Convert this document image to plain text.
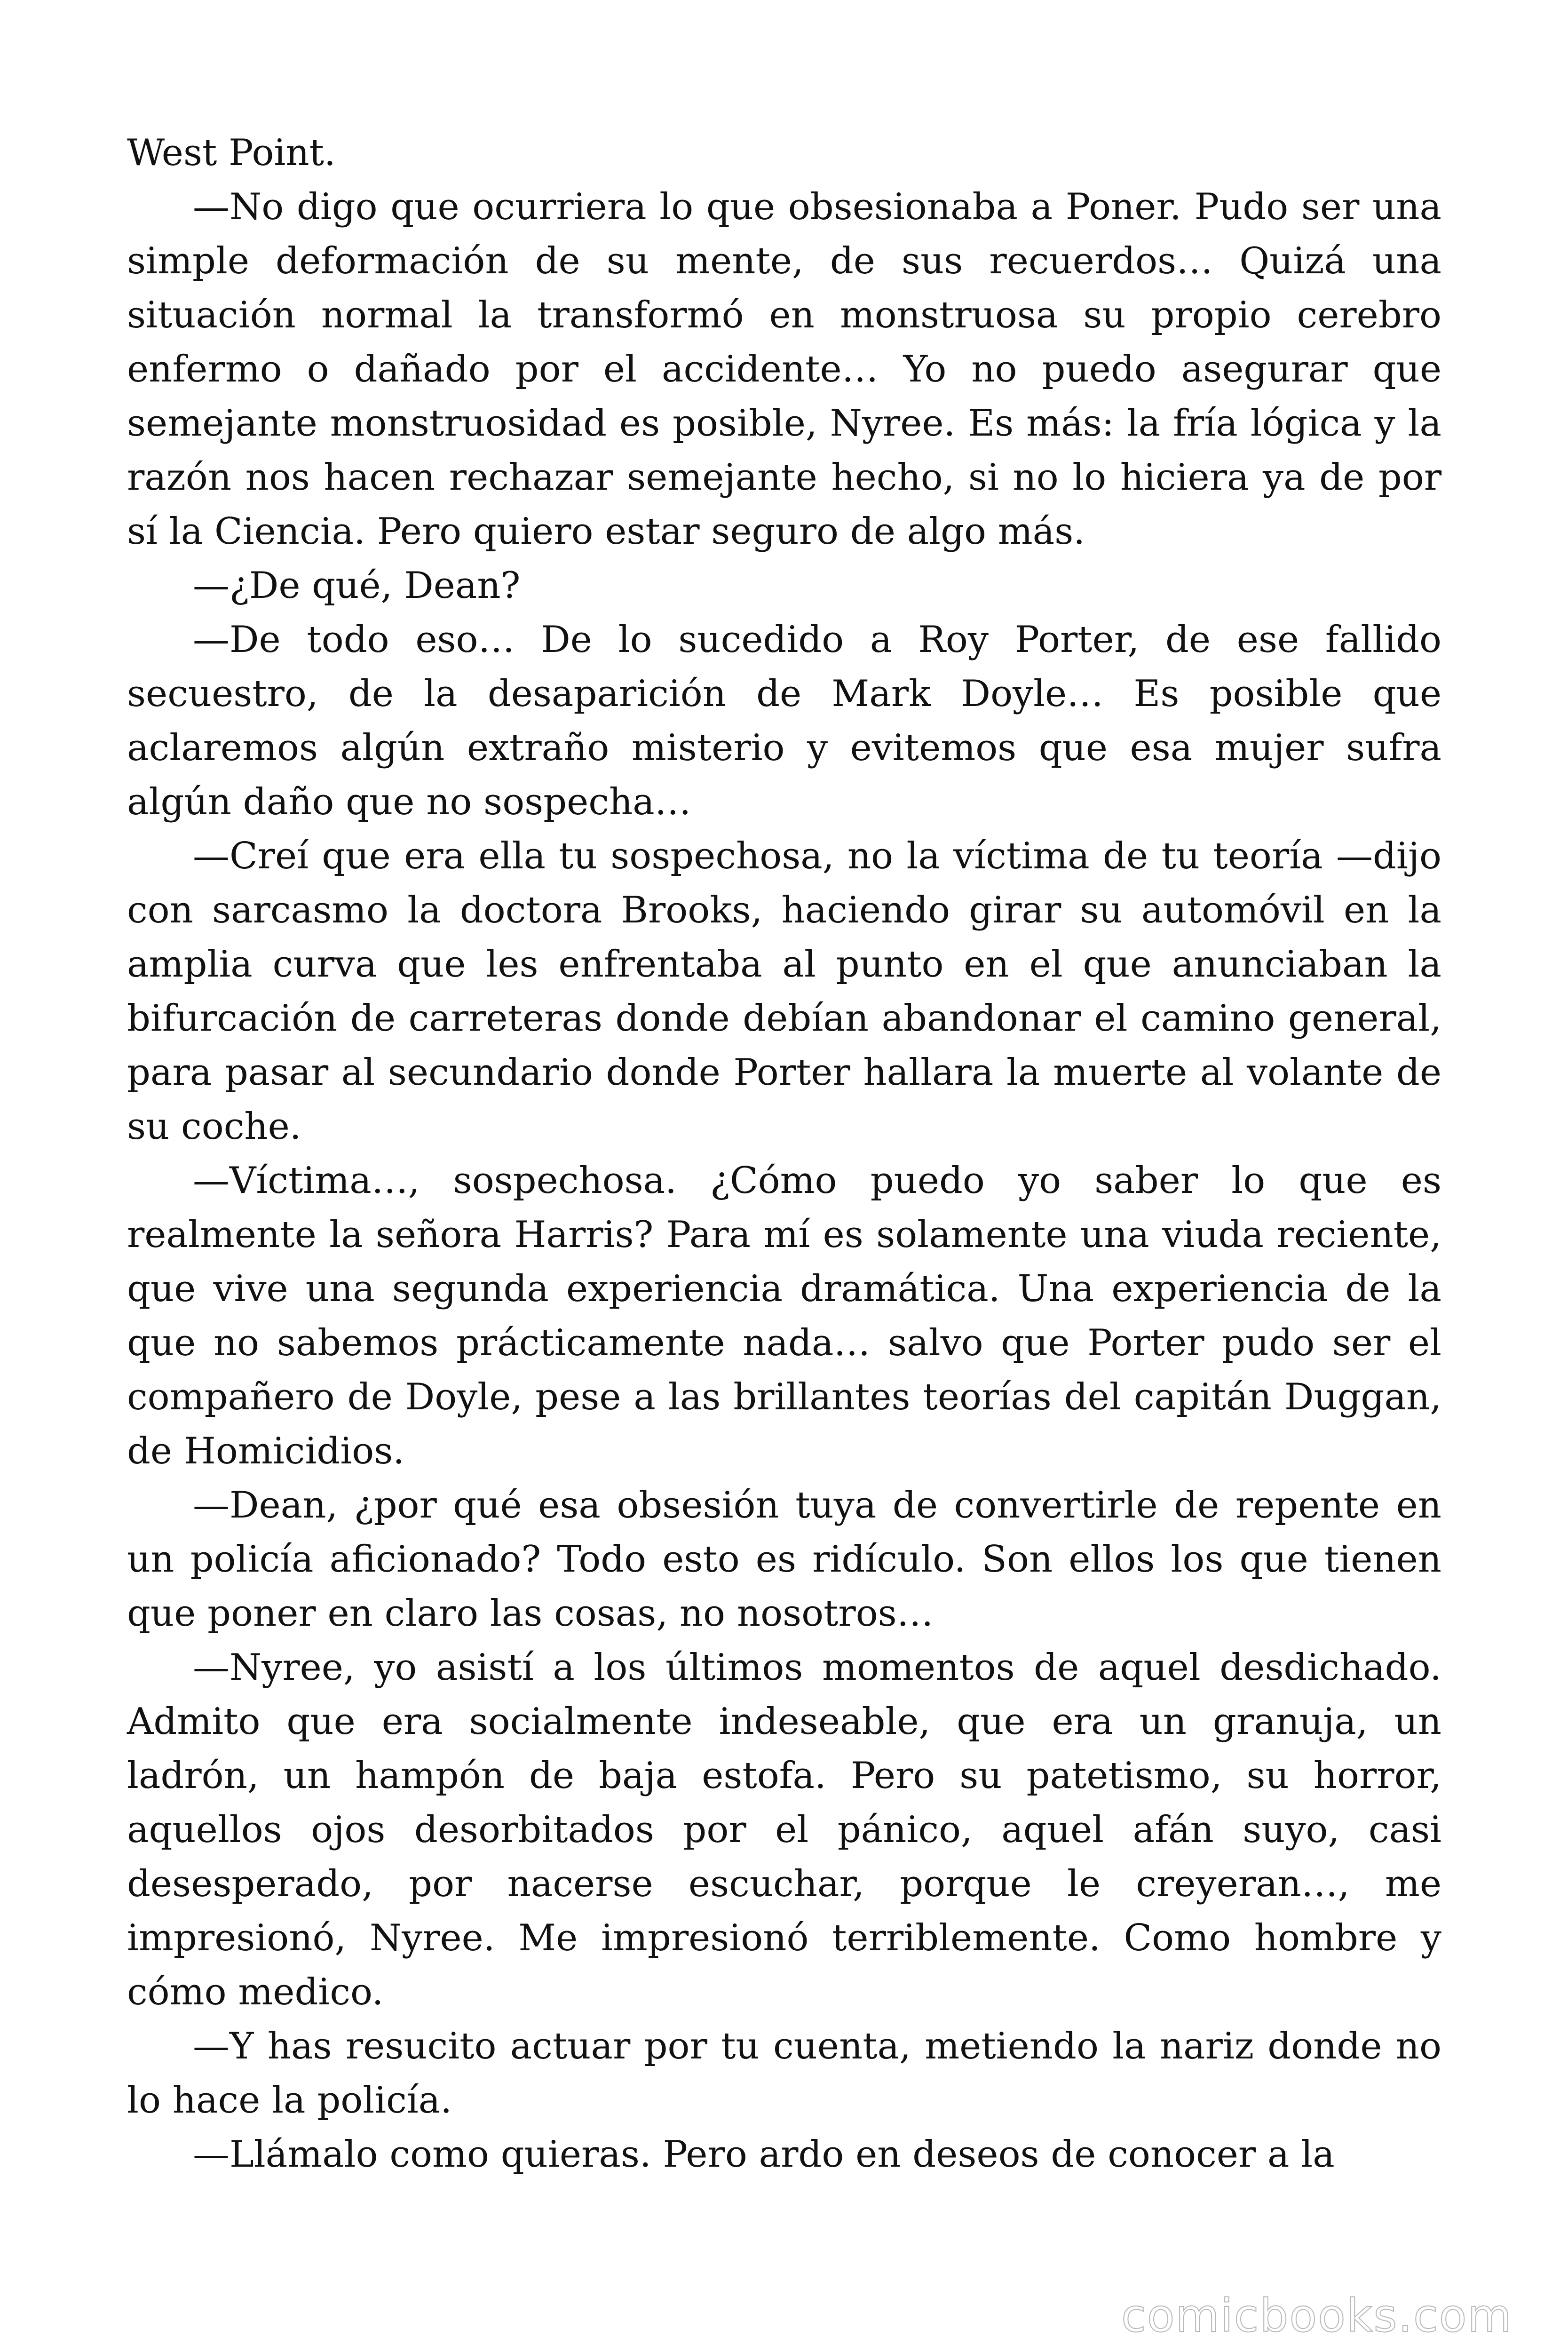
West Point.

—No digo que ocurriera lo que obsesionaba a Poner. Pudo ser una simple deformación de su mente, de sus recuerdos… Quizá una situación normal la transformó en monstruosa su propio cerebro enfermo o dañado por el accidente… Yo no puedo asegurar que semejante monstruosidad es posible, Nyree. Es más: la fría lógica y la razón nos hacen rechazar semejante hecho, si no lo hiciera ya de por sí la Ciencia. Pero quiero estar seguro de algo más.

—¿De qué, Dean?

—De todo eso… De lo sucedido a Roy Porter, de ese fallido secuestro, de la desaparición de Mark Doyle… Es posible que aclaremos algún extraño misterio y evitemos que esa mujer sufra algún daño que no sospecha…

—Creí que era ella tu sospechosa, no la víctima de tu teoría —dijo con sarcasmo la doctora Brooks, haciendo girar su automóvil en la amplia curva que les enfrentaba al punto en el que anunciaban la bifurcación de carreteras donde debían abandonar el camino general, para pasar al secundario donde Porter hallara la muerte al volante de su coche.

—Víctima…, sospechosa. ¿Cómo puedo yo saber lo que es realmente la señora Harris? Para mí es solamente una viuda reciente, que vive una segunda experiencia dramática. Una experiencia de la que no sabemos prácticamente nada… salvo que Porter pudo ser el compañero de Doyle, pese a las brillantes teorías del capitán Duggan, de Homicidios.

—Dean, ¿por qué esa obsesión tuya de convertirle de repente en un policía aficionado? Todo esto es ridículo. Son ellos los que tienen que poner en claro las cosas, no nosotros…

—Nyree, yo asistí a los últimos momentos de aquel desdichado. Admito que era socialmente indeseable, que era un granuja, un ladrón, un hampón de baja estofa. Pero su patetismo, su horror, aquellos ojos desorbitados por el pánico, aquel afán suyo, casi desesperado, por nacerse escuchar, porque le creyeran…, me impresionó, Nyree. Me impresionó terriblemente. Como hombre y cómo medico.

—Y has resucito actuar por tu cuenta, metiendo la nariz donde no lo hace la policía.

—Llámalo como quieras. Pero ardo en deseos de conocer a la

comicbooks.com
